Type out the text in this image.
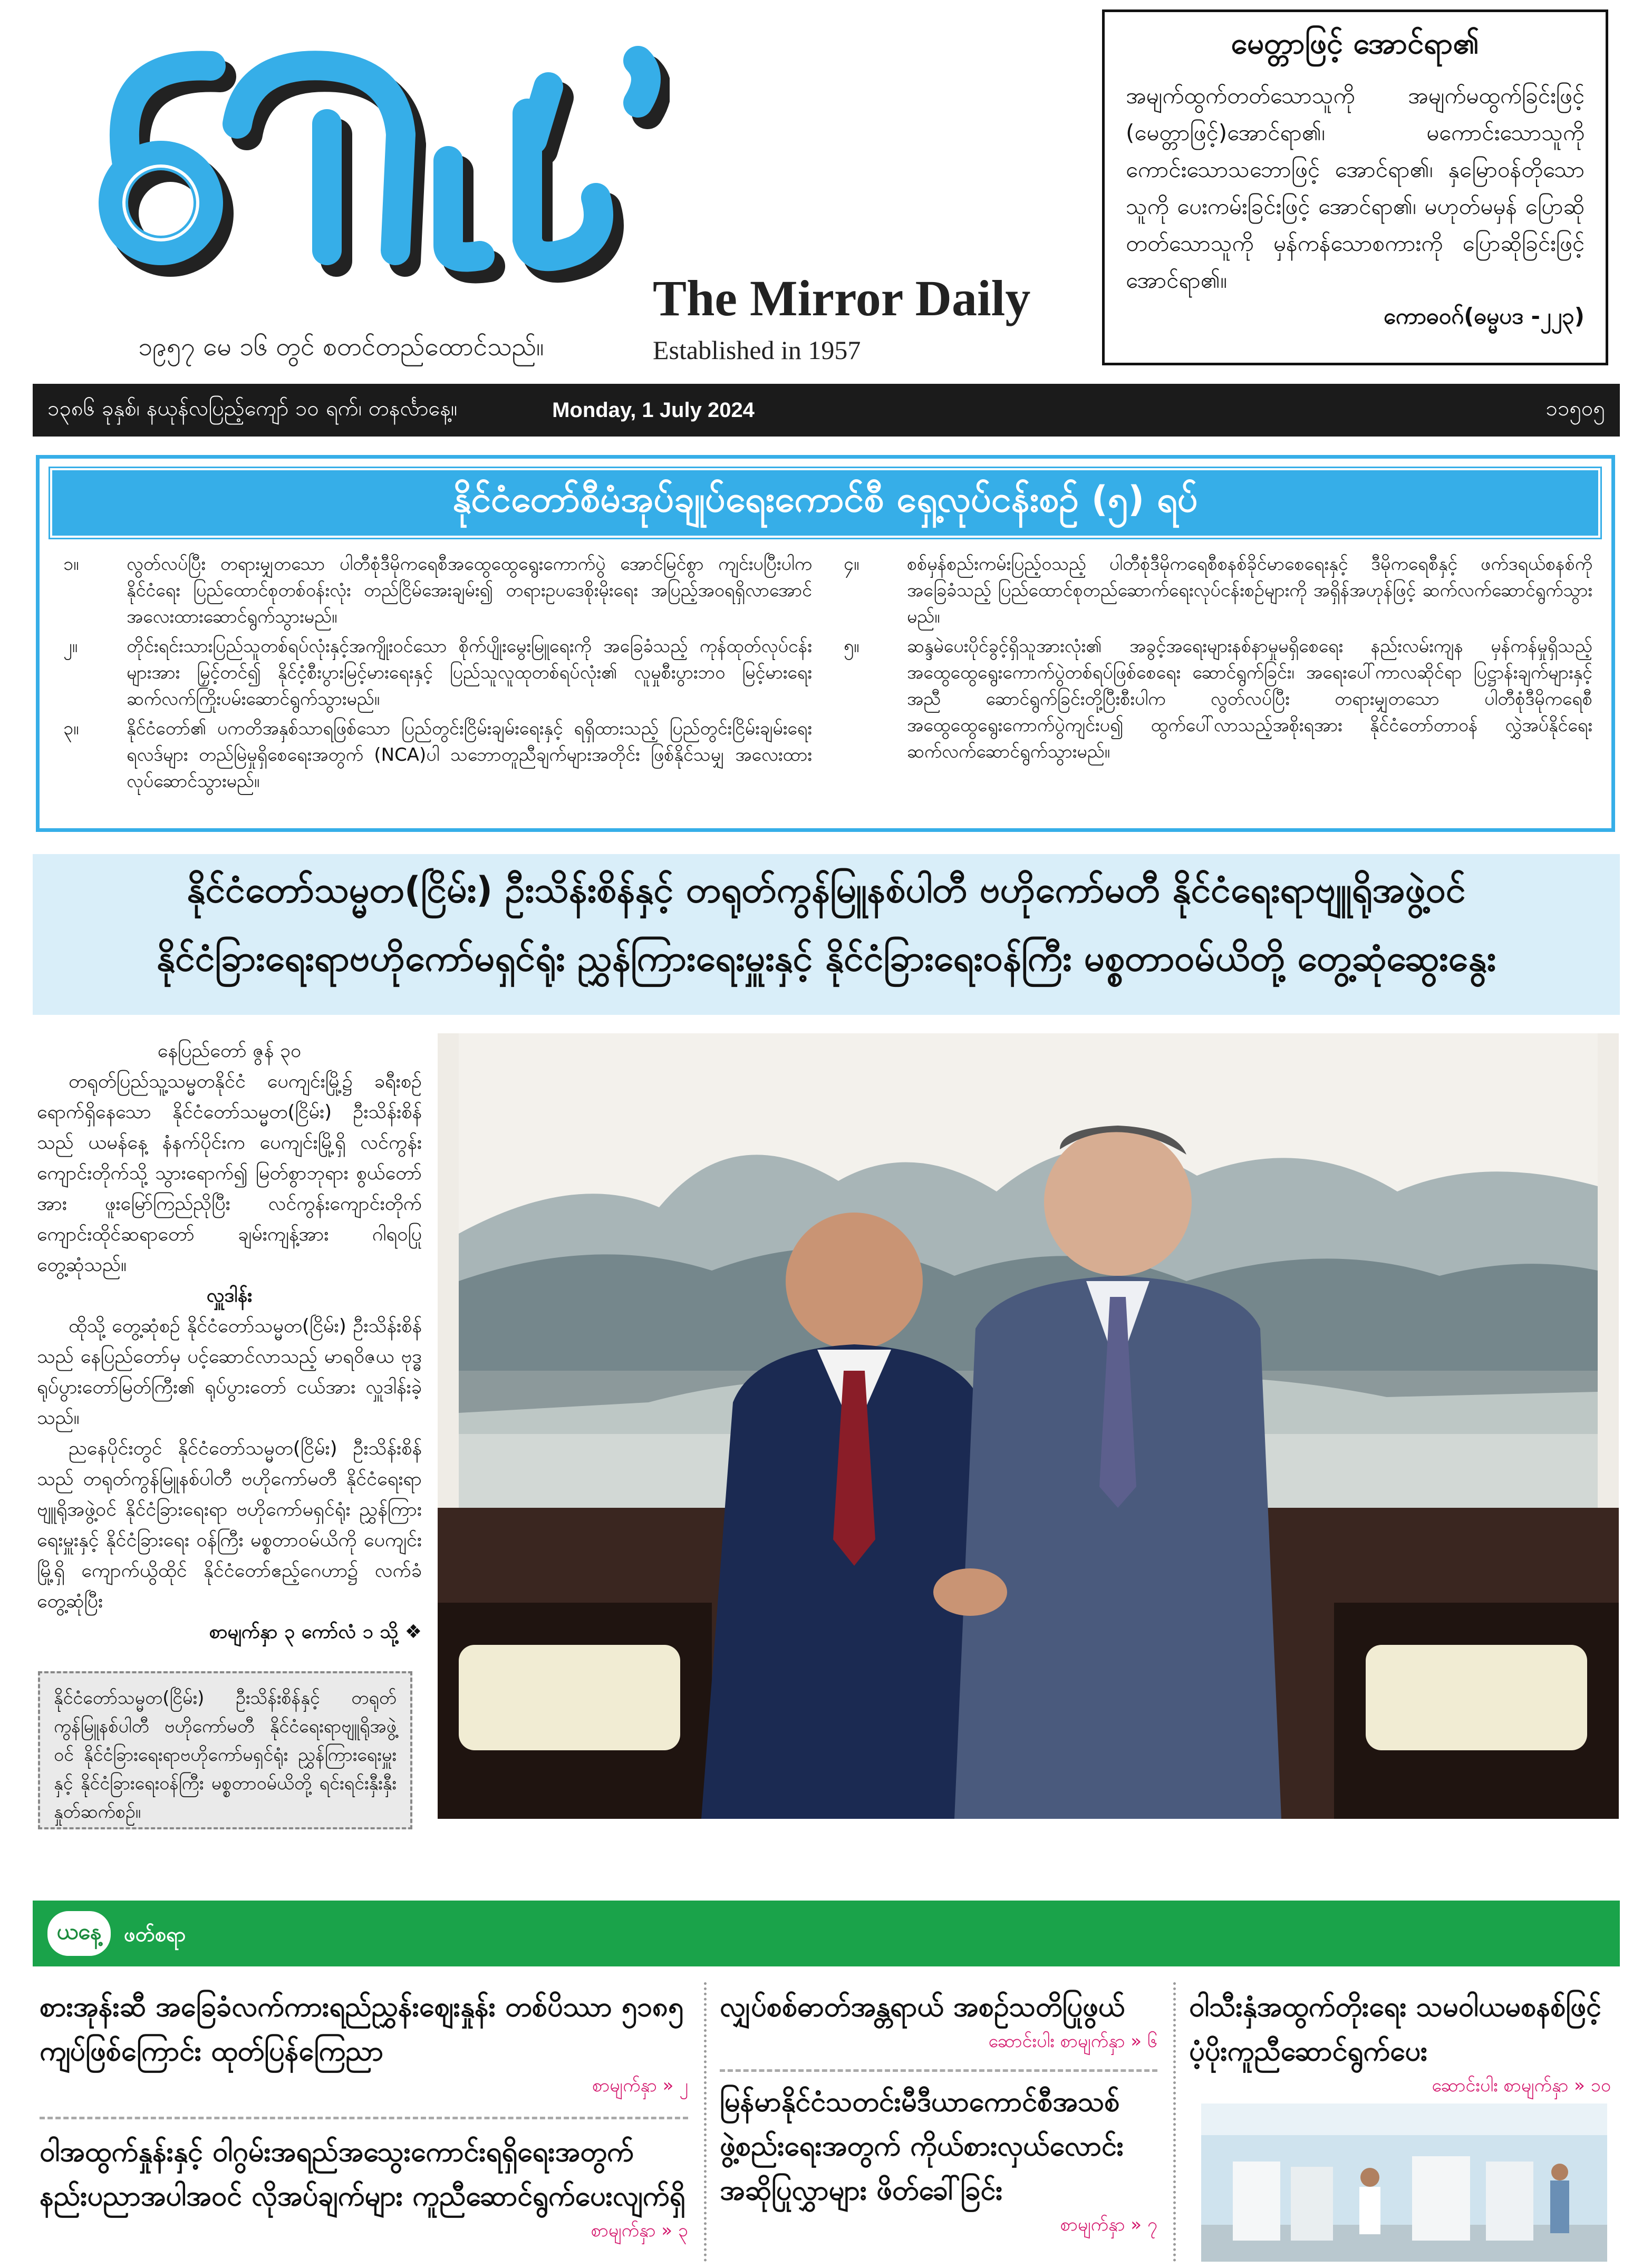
ကြေးမုံ	The Mirror Daily
Established in 1957
၁၉၅၇ မေ ၁၆ တွင် စတင်တည်ထောင်သည်။
မေတ္တာဖြင့် အောင်ရာ၏
အမျက်ထွက်တတ်သောသူကို အမျက်မထွက်ခြင်းဖြင့် (မေတ္တာဖြင့်)အောင်ရာ၏၊ မကောင်းသောသူကို ကောင်းသောသဘောဖြင့် အောင်ရာ၏၊ နှမြောဝန်တိုသောသူကို ပေးကမ်းခြင်းဖြင့် အောင်ရာ၏၊ မဟုတ်မမှန် ပြောဆိုတတ်သောသူကို မှန်ကန်သောစကားကို ပြောဆိုခြင်းဖြင့် အောင်ရာ၏။
ကောဓဝဂ်(ဓမ္မပဒ -၂၂၃)
၁၃၈၆ ခုနှစ်၊ နယုန်လပြည့်ကျော် ၁၀ ရက်၊ တနင်္လာနေ့။	Monday, 1 July 2024	၁၁၅၀၅
နိုင်ငံတော်စီမံအုပ်ချုပ်ရေးကောင်စီ ရှေ့လုပ်ငန်းစဉ် (၅) ရပ်
၁။	လွတ်လပ်ပြီး တရားမျှတသော ပါတီစုံဒီမိုကရေစီအထွေထွေရွေးကောက်ပွဲ အောင်မြင်စွာ ကျင်းပပြီးပါက နိုင်ငံရေး ပြည်ထောင်စုတစ်ဝန်းလုံး တည်ငြိမ်အေးချမ်း၍ တရားဥပဒေစိုးမိုးရေး အပြည့်အဝရရှိလာအောင် အလေးထားဆောင်ရွက်သွားမည်။
၂။	တိုင်းရင်းသားပြည်သူတစ်ရပ်လုံးနှင့်အကျိုးဝင်သော စိုက်ပျိုးမွေးမြူရေးကို အခြေခံသည့် ကုန်ထုတ်လုပ်ငန်းများအား မြှင့်တင်၍ နိုင်ငံ့စီးပွားမြင့်မားရေးနှင့် ပြည်သူလူထုတစ်ရပ်လုံး၏ လူမှုစီးပွားဘဝ မြင့်မားရေး ဆက်လက်ကြိုးပမ်းဆောင်ရွက်သွားမည်။
၃။	နိုင်ငံတော်၏ ပကတိအနှစ်သာရဖြစ်သော ပြည်တွင်းငြိမ်းချမ်းရေးနှင့် ရရှိထားသည့် ပြည်တွင်းငြိမ်းချမ်းရေးရလဒ်များ တည်မြဲမှုရှိစေရေးအတွက် (NCA)ပါ သဘောတူညီချက်များအတိုင်း ဖြစ်နိုင်သမျှ အလေးထား လုပ်ဆောင်သွားမည်။
၄။	စစ်မှန်စည်းကမ်းပြည့်ဝသည့် ပါတီစုံဒီမိုကရေစီစနစ်ခိုင်မာစေရေးနှင့် ဒီမိုကရေစီနှင့် ဖက်ဒရယ်စနစ်ကို အခြေခံသည့် ပြည်ထောင်စုတည်ဆောက်ရေးလုပ်ငန်းစဉ်များကို အရှိန်အဟုန်ဖြင့် ဆက်လက်ဆောင်ရွက်သွားမည်။
၅။	ဆန္ဒမဲပေးပိုင်ခွင့်ရှိသူအားလုံး၏ အခွင့်အရေးများနစ်နာမှုမရှိစေရေး နည်းလမ်းကျန မှန်ကန်မှုရှိသည့် အထွေထွေရွေးကောက်ပွဲတစ်ရပ်ဖြစ်စေရေး ဆောင်ရွက်ခြင်း၊ အရေးပေါ်ကာလဆိုင်ရာ ပြဋ္ဌာန်းချက်များနှင့်အညီ ဆောင်ရွက်ခြင်းတို့ပြီးစီးပါက လွတ်လပ်ပြီး တရားမျှတသော ပါတီစုံဒီမိုကရေစီ အထွေထွေရွေးကောက်ပွဲကျင်းပ၍ ထွက်ပေါ်လာသည့်အစိုးရအား နိုင်ငံတော်တာဝန် လွှဲအပ်နိုင်ရေး ဆက်လက်ဆောင်ရွက်သွားမည်။
နိုင်ငံတော်သမ္မတ(ငြိမ်း) ဦးသိန်းစိန်နှင့် တရုတ်ကွန်မြူနစ်ပါတီ ဗဟိုကော်မတီ နိုင်ငံရေးရာဗျူရိုအဖွဲ့ဝင်
နိုင်ငံခြားရေးရာဗဟိုကော်မရှင်ရုံး ညွှန်ကြားရေးမှူးနှင့် နိုင်ငံခြားရေးဝန်ကြီး မစ္စတာဝမ်ယိတို့ တွေ့ဆုံဆွေးနွေး

နေပြည်တော် ဇွန် ၃၀

တရုတ်ပြည်သူ့သမ္မတနိုင်ငံ ပေကျင်းမြို့၌ ခရီးစဉ်ရောက်ရှိနေသော နိုင်ငံတော်သမ္မတ(ငြိမ်း) ဦးသိန်းစိန်သည် ယမန်နေ့ နံနက်ပိုင်းက ပေကျင်းမြို့ရှိ လင်ကွန်းကျောင်းတိုက်သို့ သွားရောက်၍ မြတ်စွာဘုရား စွယ်တော်အား ဖူးမြော်ကြည်ညိုပြီး လင်ကွန်းကျောင်းတိုက် ကျောင်းထိုင်ဆရာတော် ချမ်းကျန့်အား ဂါရဝပြုတွေ့ဆုံသည်။

လှူဒါန်း

ထိုသို့ တွေ့ဆုံစဉ် နိုင်ငံတော်သမ္မတ(ငြိမ်း) ဦးသိန်းစိန်သည် နေပြည်တော်မှ ပင့်ဆောင်လာသည့် မာရဝိဇယ ဗုဒ္ဓရုပ်ပွားတော်မြတ်ကြီး၏ ရုပ်ပွားတော် ငယ်အား လှူဒါန်းခဲ့သည်။

ညနေပိုင်းတွင် နိုင်ငံတော်သမ္မတ(ငြိမ်း) ဦးသိန်းစိန်သည် တရုတ်ကွန်မြူနစ်ပါတီ ဗဟိုကော်မတီ နိုင်ငံရေးရာဗျူရိုအဖွဲ့ဝင် နိုင်ငံခြားရေးရာ ဗဟိုကော်မရှင်ရုံး ညွှန်ကြားရေးမှူးနှင့် နိုင်ငံခြားရေး ဝန်ကြီး မစ္စတာဝမ်ယိကို ပေကျင်းမြို့ရှိ ကျောက်ယွိထိုင် နိုင်ငံတော်ဧည့်ဂေဟာ၌ လက်ခံတွေ့ဆုံပြီး

စာမျက်နှာ ၃ ကော်လံ ၁ သို့ ❖

နိုင်ငံတော်သမ္မတ(ငြိမ်း) ဦးသိန်းစိန်နှင့် တရုတ်ကွန်မြူနစ်ပါတီ ဗဟိုကော်မတီ နိုင်ငံရေးရာဗျူရိုအဖွဲ့ဝင် နိုင်ငံခြားရေးရာဗဟိုကော်မရှင်ရုံး ညွှန်ကြားရေးမှူးနှင့် နိုင်ငံခြားရေးဝန်ကြီး မစ္စတာဝမ်ယိတို့ ရင်းရင်းနှီးနှီး နှုတ်ဆက်စဉ်။
ယနေ့	ဖတ်စရာ
စားအုန်းဆီ အခြေခံလက်ကားရည်ညွှန်းဈေးနှုန်း တစ်ပိဿာ ၅၁၈၅ ကျပ်ဖြစ်ကြောင်း ထုတ်ပြန်ကြေညာ
စာမျက်နှာ » ၂
ဝါအထွက်နှုန်းနှင့် ဝါဂွမ်းအရည်အသွေးကောင်းရရှိရေးအတွက် နည်းပညာအပါအဝင် လိုအပ်ချက်များ ကူညီဆောင်ရွက်ပေးလျက်ရှိ
စာမျက်နှာ » ၃
လျှပ်စစ်ဓာတ်အန္တရာယ် အစဉ်သတိပြုဖွယ်
ဆောင်းပါး စာမျက်နှာ » ၆
မြန်မာနိုင်ငံသတင်းမီဒီယာကောင်စီအသစ် ဖွဲ့စည်းရေးအတွက် ကိုယ်စားလှယ်လောင်း အဆိုပြုလွှာများ ဖိတ်ခေါ်ခြင်း
စာမျက်နှာ » ၇
ဝါသီးနှံအထွက်တိုးရေး သမဝါယမစနစ်ဖြင့် ပံ့ပိုးကူညီဆောင်ရွက်ပေး
ဆောင်းပါး စာမျက်နှာ » ၁၀
